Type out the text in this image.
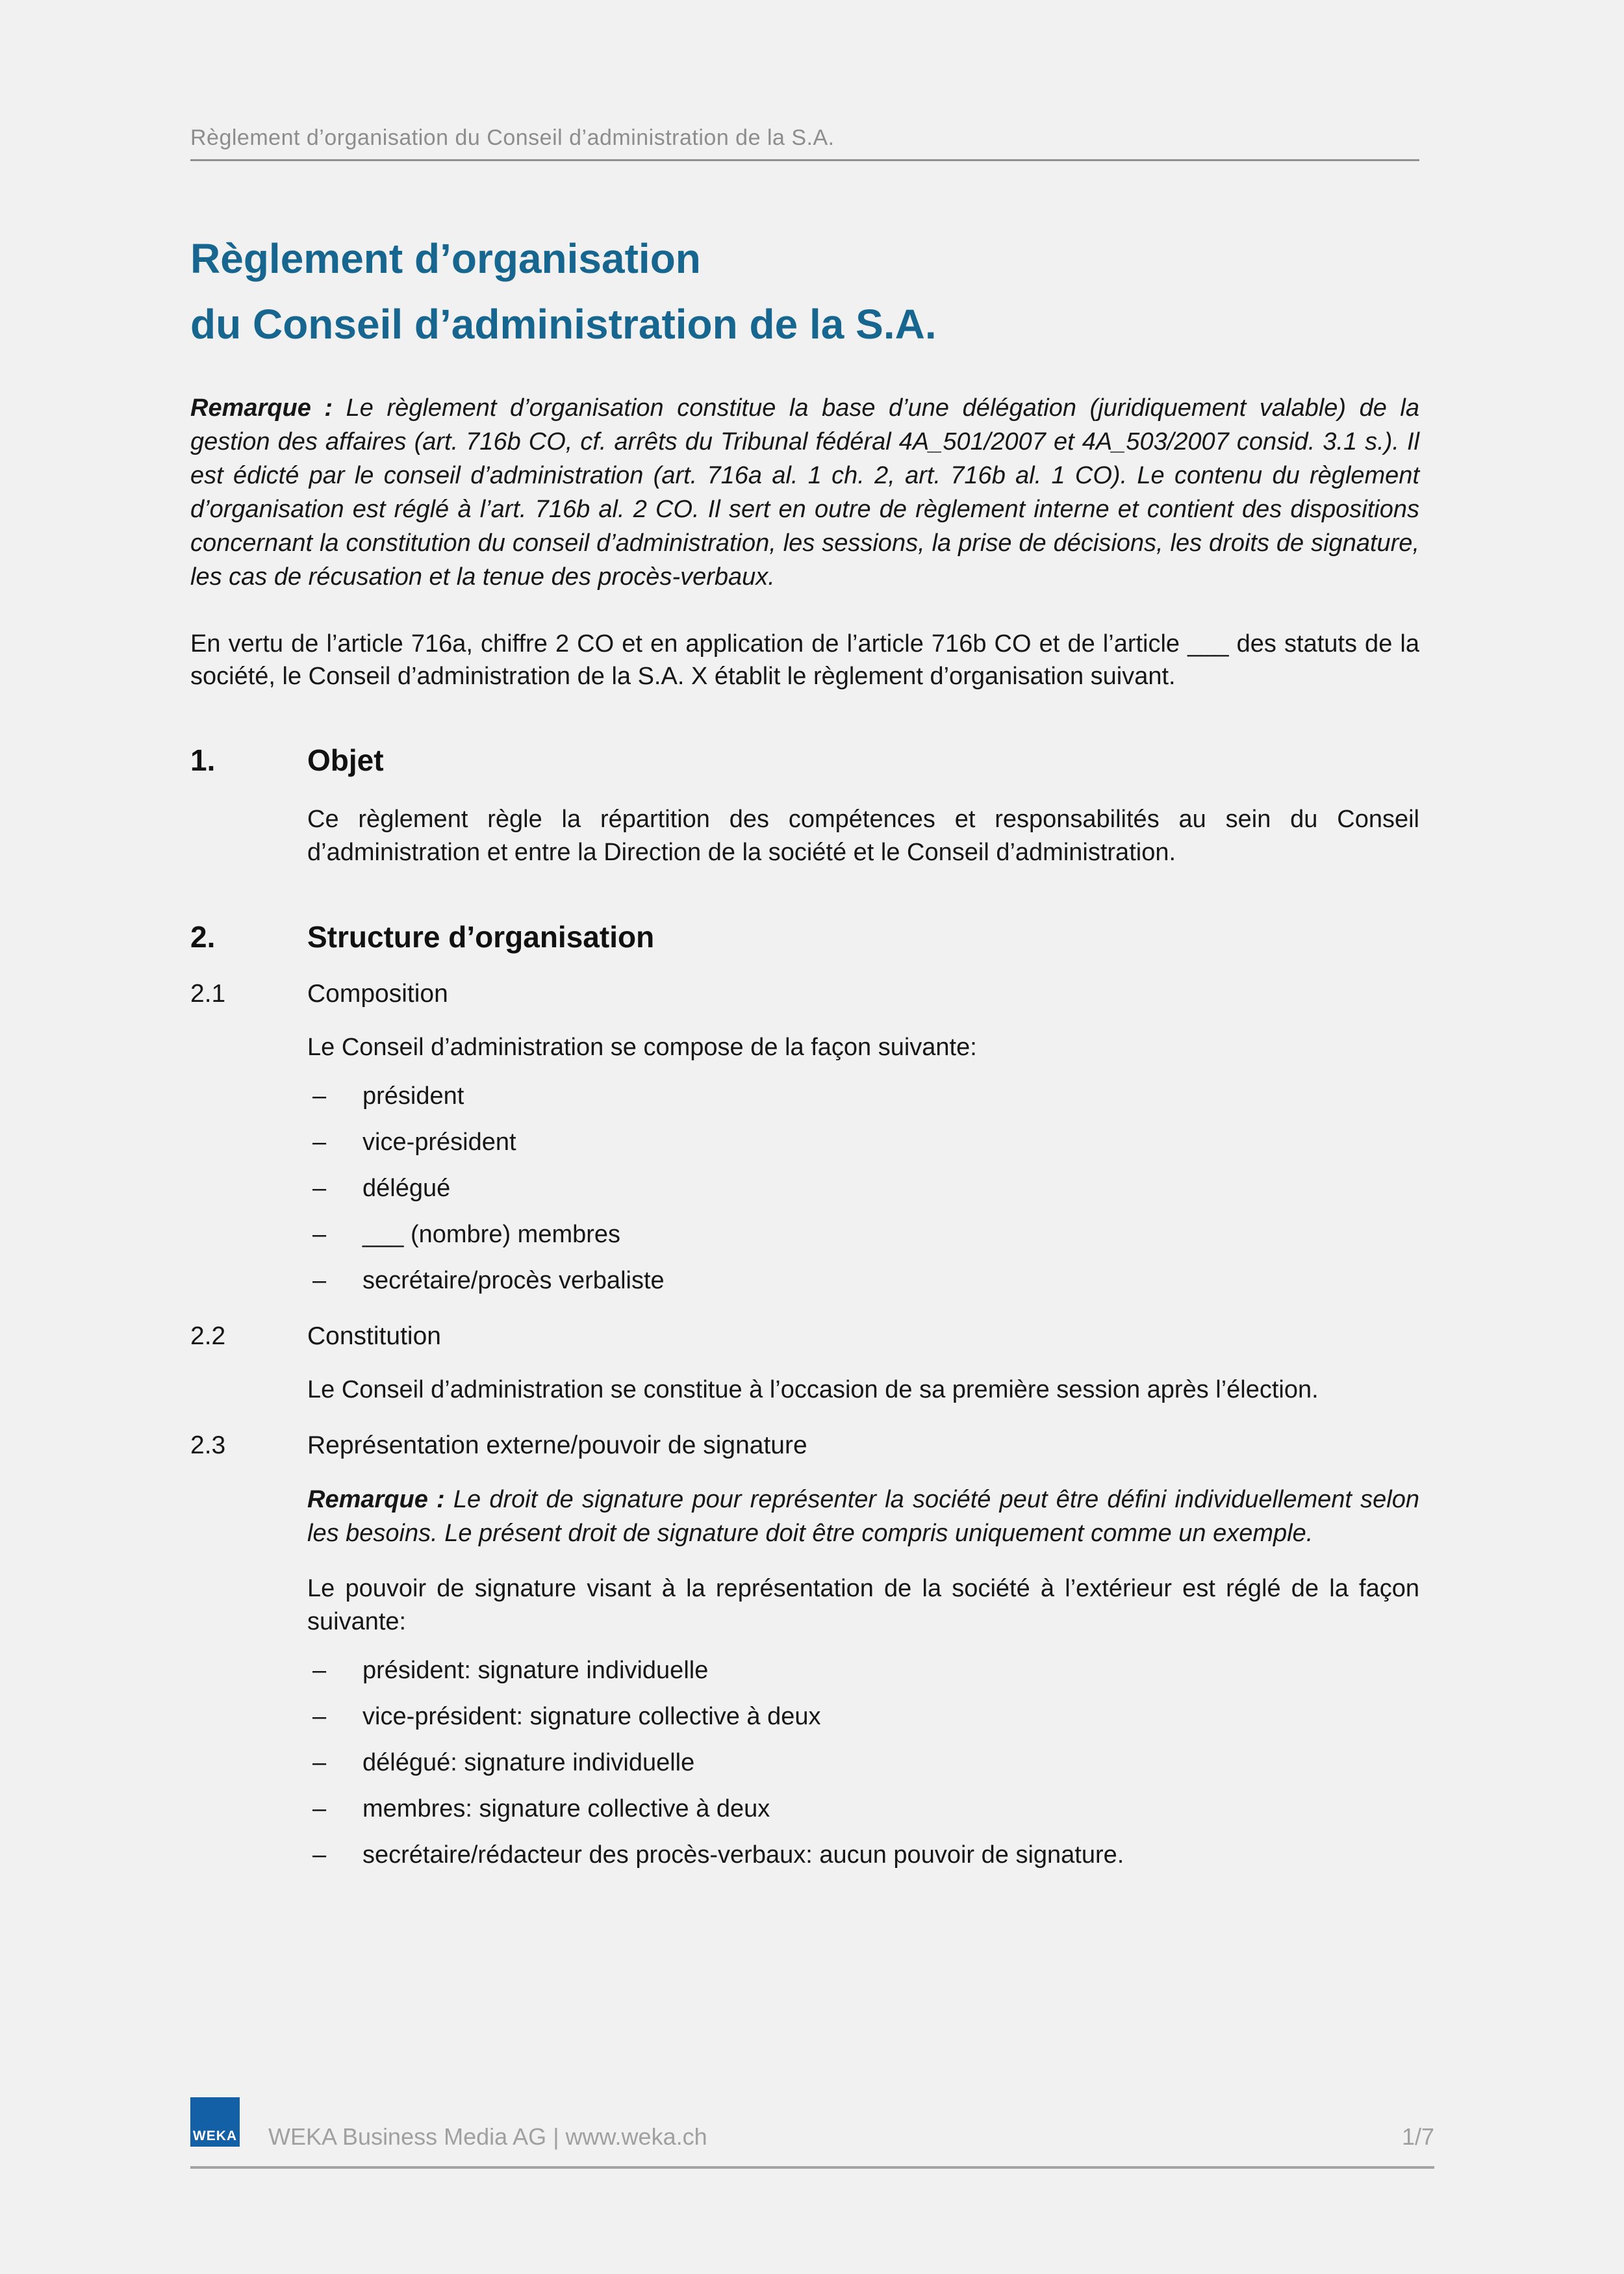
Règlement d’organisation du Conseil d’administration de la S.A.
Règlement d’organisation
du Conseil d’administration de la S.A.

Remarque : Le règlement d’organisation constitue la base d’une délégation (juridiquement valable) de la gestion des affaires (art. 716b CO, cf. arrêts du Tribunal fédéral 4A_501/2007 et 4A_503/2007 consid. 3.1 s.). Il est édicté par le conseil d’administration (art. 716a al. 1 ch. 2, art. 716b al. 1 CO). Le contenu du règlement d’organisation est réglé à l’art. 716b al. 2 CO. Il sert en outre de règlement interne et contient des dispositions concernant la constitution du conseil d’administration, les sessions, la prise de décisions, les droits de signature, les cas de récusation et la tenue des procès-verbaux.

En vertu de l’article 716a, chiffre 2 CO et en application de l’article 716b CO et de l’article ___ des statuts de la société, le Conseil d’administration de la S.A. X établit le règlement d’organisation suivant.

1.	Objet

Ce règlement règle la répartition des compétences et responsabilités au sein du Conseil d’administration et entre la Direction de la société et le Conseil d’administration.

2.	Structure d’organisation
2.1	Composition

Le Conseil d’administration se compose de la façon suivante:

–	président
–	vice-président
–	délégué
–	___ (nombre) membres
–	secrétaire/procès verbaliste
2.2	Constitution

Le Conseil d’administration se constitue à l’occasion de sa première session après l’élection.

2.3	Représentation externe/pouvoir de signature

Remarque : Le droit de signature pour représenter la société peut être défini individuellement selon les besoins. Le présent droit de signature doit être compris uniquement comme un exemple.

Le pouvoir de signature visant à la représentation de la société à l’extérieur est réglé de la façon suivante:

–	président: signature individuelle
–	vice-président: signature collective à deux
–	délégué: signature individuelle
–	membres: signature collective à deux
–	secrétaire/rédacteur des procès-verbaux: aucun pouvoir de signature.
WEKA WEKA Business Media AG | www.weka.ch	1/7
